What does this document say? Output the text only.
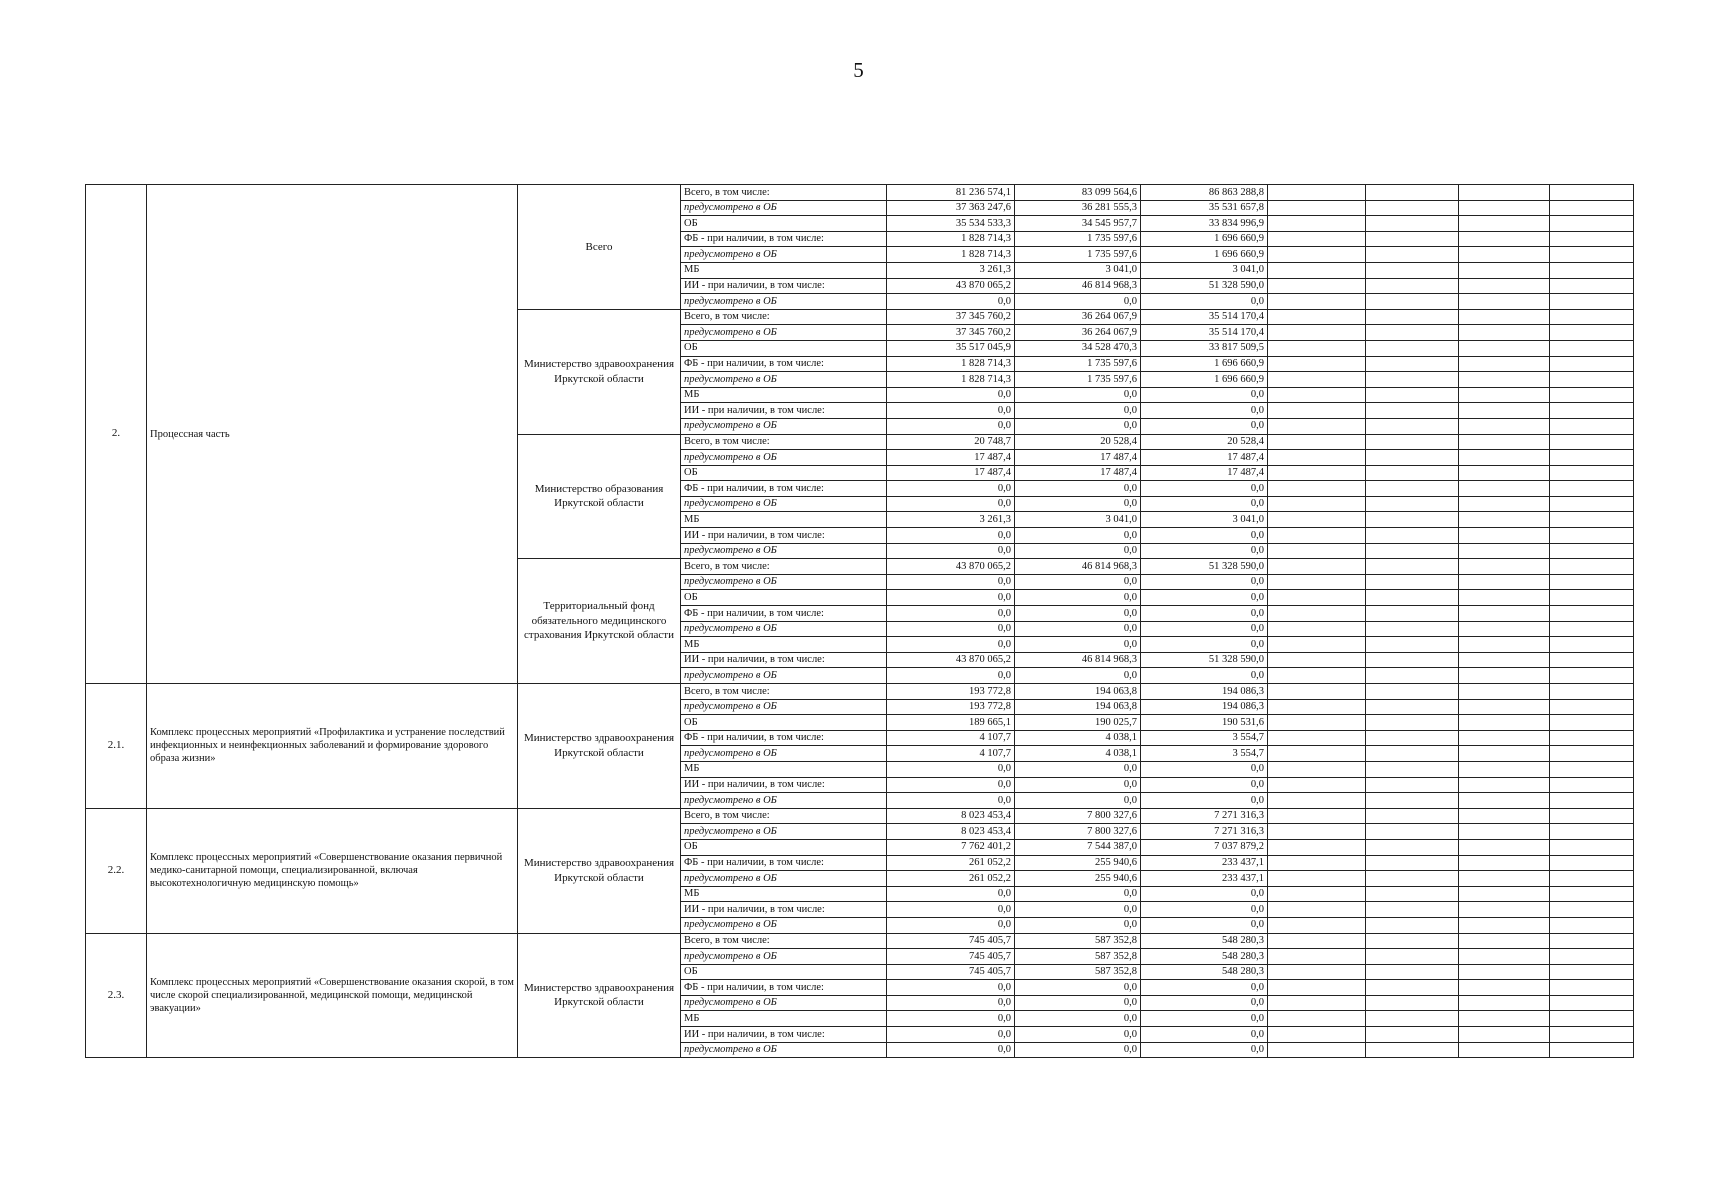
5
2.	Процессная часть	Всего	Всего, в том числе:	81 236 574,1	83 099 564,6	86 863 288,8				
			предусмотрено в ОБ	37 363 247,6	36 281 555,3	35 531 657,8				
			ОБ	35 534 533,3	34 545 957,7	33 834 996,9				
			ФБ - при наличии, в том числе:	1 828 714,3	1 735 597,6	1 696 660,9				
			предусмотрено в ОБ	1 828 714,3	1 735 597,6	1 696 660,9				
			МБ	3 261,3	3 041,0	3 041,0				
			ИИ - при наличии, в том числе:	43 870 065,2	46 814 968,3	51 328 590,0				
			предусмотрено в ОБ	0,0	0,0	0,0				
		Министерство здравоохранения Иркутской области	Всего, в том числе:	37 345 760,2	36 264 067,9	35 514 170,4				
			предусмотрено в ОБ	37 345 760,2	36 264 067,9	35 514 170,4				
			ОБ	35 517 045,9	34 528 470,3	33 817 509,5				
			ФБ - при наличии, в том числе:	1 828 714,3	1 735 597,6	1 696 660,9				
			предусмотрено в ОБ	1 828 714,3	1 735 597,6	1 696 660,9				
			МБ	0,0	0,0	0,0				
			ИИ - при наличии, в том числе:	0,0	0,0	0,0				
			предусмотрено в ОБ	0,0	0,0	0,0				
		Министерство образования Иркутской области	Всего, в том числе:	20 748,7	20 528,4	20 528,4				
			предусмотрено в ОБ	17 487,4	17 487,4	17 487,4				
			ОБ	17 487,4	17 487,4	17 487,4				
			ФБ - при наличии, в том числе:	0,0	0,0	0,0				
			предусмотрено в ОБ	0,0	0,0	0,0				
			МБ	3 261,3	3 041,0	3 041,0				
			ИИ - при наличии, в том числе:	0,0	0,0	0,0				
			предусмотрено в ОБ	0,0	0,0	0,0				
		Территориальный фонд обязательного медицинского страхования Иркутской области	Всего, в том числе:	43 870 065,2	46 814 968,3	51 328 590,0				
			предусмотрено в ОБ	0,0	0,0	0,0				
			ОБ	0,0	0,0	0,0				
			ФБ - при наличии, в том числе:	0,0	0,0	0,0				
			предусмотрено в ОБ	0,0	0,0	0,0				
			МБ	0,0	0,0	0,0				
			ИИ - при наличии, в том числе:	43 870 065,2	46 814 968,3	51 328 590,0				
			предусмотрено в ОБ	0,0	0,0	0,0				
2.1.	Комплекс процессных мероприятий «Профилактика и устранение последствий инфекционных и неинфекционных заболеваний и формирование здорового образа жизни»	Министерство здравоохранения Иркутской области	Всего, в том числе:	193 772,8	194 063,8	194 086,3				
			предусмотрено в ОБ	193 772,8	194 063,8	194 086,3				
			ОБ	189 665,1	190 025,7	190 531,6				
			ФБ - при наличии, в том числе:	4 107,7	4 038,1	3 554,7				
			предусмотрено в ОБ	4 107,7	4 038,1	3 554,7				
			МБ	0,0	0,0	0,0				
			ИИ - при наличии, в том числе:	0,0	0,0	0,0				
			предусмотрено в ОБ	0,0	0,0	0,0				
2.2.	Комплекс процессных мероприятий «Совершенствование оказания первичной медико-санитарной помощи, специализированной, включая высокотехнологичную медицинскую помощь»	Министерство здравоохранения Иркутской области	Всего, в том числе:	8 023 453,4	7 800 327,6	7 271 316,3				
			предусмотрено в ОБ	8 023 453,4	7 800 327,6	7 271 316,3				
			ОБ	7 762 401,2	7 544 387,0	7 037 879,2				
			ФБ - при наличии, в том числе:	261 052,2	255 940,6	233 437,1				
			предусмотрено в ОБ	261 052,2	255 940,6	233 437,1				
			МБ	0,0	0,0	0,0				
			ИИ - при наличии, в том числе:	0,0	0,0	0,0				
			предусмотрено в ОБ	0,0	0,0	0,0				
2.3.	Комплекс процессных мероприятий «Совершенствование оказания скорой, в том числе скорой специализированной, медицинской помощи, медицинской эвакуации»	Министерство здравоохранения Иркутской области	Всего, в том числе:	745 405,7	587 352,8	548 280,3				
			предусмотрено в ОБ	745 405,7	587 352,8	548 280,3				
			ОБ	745 405,7	587 352,8	548 280,3				
			ФБ - при наличии, в том числе:	0,0	0,0	0,0				
			предусмотрено в ОБ	0,0	0,0	0,0				
			МБ	0,0	0,0	0,0				
			ИИ - при наличии, в том числе:	0,0	0,0	0,0				
			предусмотрено в ОБ	0,0	0,0	0,0				
